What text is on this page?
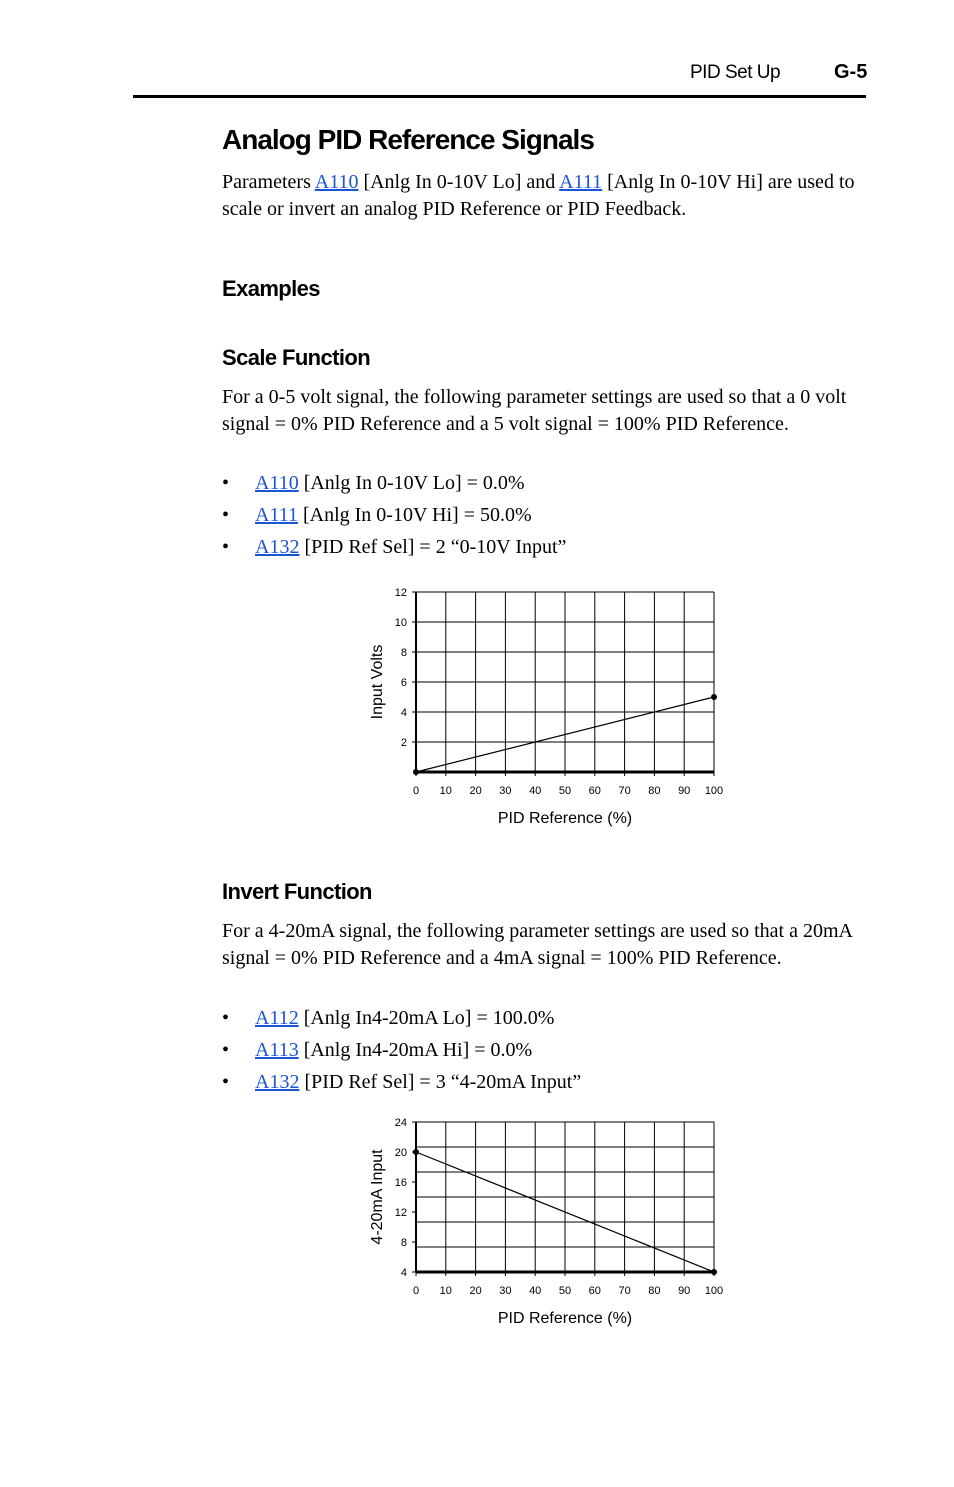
PID Set Up	G-5
Analog PID Reference Signals
Parameters A110 [Anlg In 0-10V Lo] and A111 [Anlg In 0-10V Hi] are used to scale or invert an analog PID Reference or PID Feedback.
Examples
Scale Function
For a 0-5 volt signal, the following parameter settings are used so that a 0 volt signal = 0% PID Reference and a 5 volt signal = 100% PID Reference.
• A110 [Anlg In 0-10V Lo] = 0.0%
• A111 [Anlg In 0-10V Hi] = 50.0%
• A132 [PID Ref Sel] = 2 “0-10V Input”
2
4
6
8
10
12
0 10 20 30 40 50 60 70 80 90 100
PID Reference (%)
Input Volts
Invert Function
For a 4-20mA signal, the following parameter settings are used so that a 20mA signal = 0% PID Reference and a 4mA signal = 100% PID Reference.
• A112 [Anlg In4-20mA Lo] = 100.0%
• A113 [Anlg In4-20mA Hi] = 0.0%
• A132 [PID Ref Sel] = 3 “4-20mA Input”
4
8
12
16
20
24
0 10 20 30 40 50 60 70 80 90 100
PID Reference (%)
4-20mA Input
